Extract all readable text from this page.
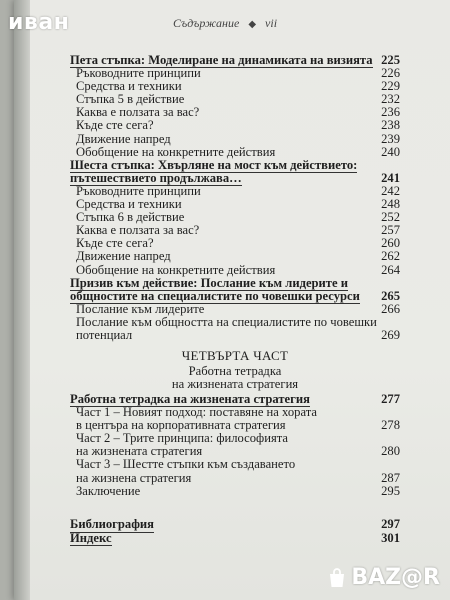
Съдържание ◆ vii
Пета стъпка: Моделиране на динамиката на визията 225
Ръководните принципи	226
Средства и техники	229
Стъпка 5 в действие	232
Каква е ползата за вас?	236
Къде сте сега?	238
Движение напред	239
Обобщение на конкретните действия	240
Шеста стъпка: Хвърляне на мост към действието:
пътешествието продължава…	241
Ръководните принципи	242
Средства и техники	248
Стъпка 6 в действие	252
Каква е ползата за вас?	257
Къде сте сега?	260
Движение напред	262
Обобщение на конкретните действия	264
Призив към действие: Послание към лидерите и
общностите на специалистите по човешки ресурси 265
Послание към лидерите	266
Послание към общността на специалистите по човешки
потенциал	269
ЧЕТВЪРТА ЧАСТ
Работна тетрадка
на жизнената стратегия
Работна тетрадка на жизнената стратегия	277
Част 1 – Новият подход: поставяне на хората
в центъра на корпоративната стратегия	278
Част 2 – Трите принципа: философията
на жизнената стратегия	280
Част 3 – Шестте стъпки към създаването
на жизнена стратегия	287
Заключение	295
Библиография	297
Индекс	301
иван
BAZ@R
